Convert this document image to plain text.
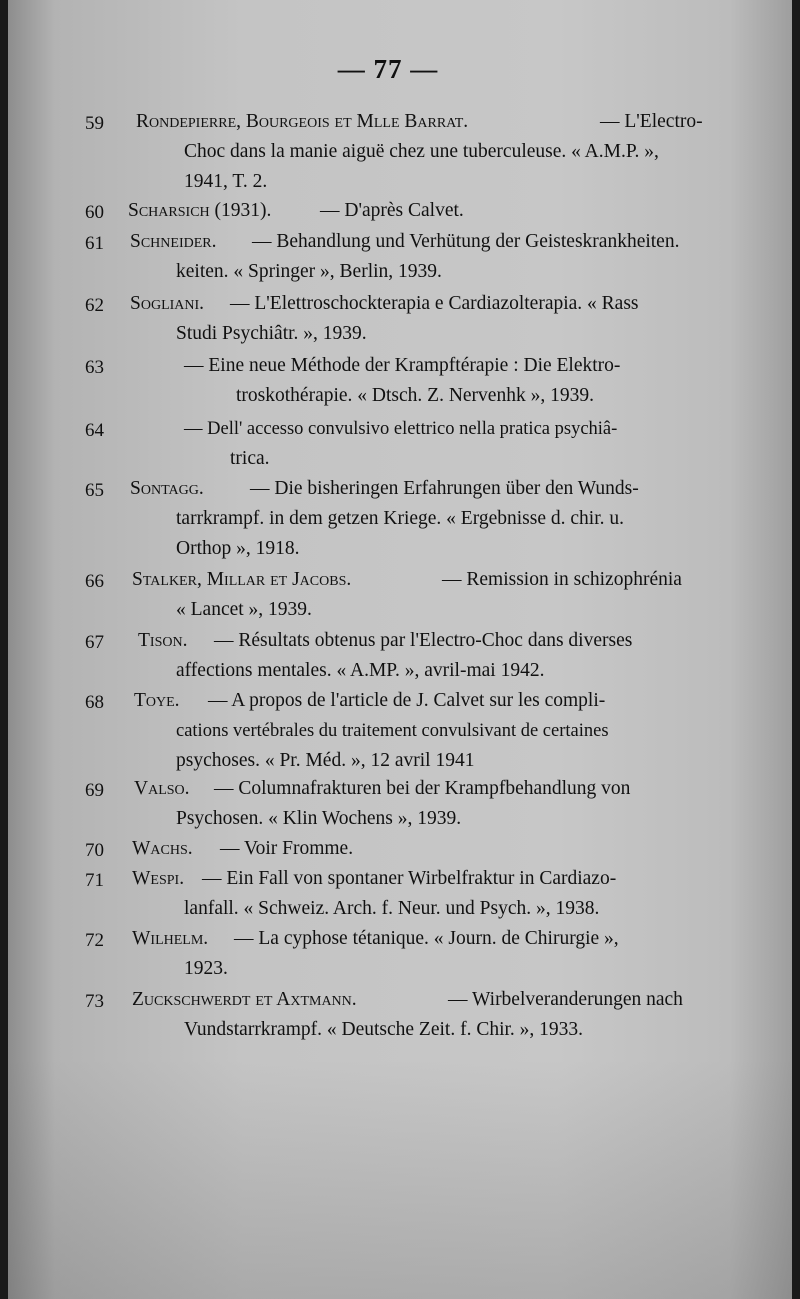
— 77 —
59	Rondepierre, Bourgeois et Mlle Barrat.	— L'Electro-
Choc dans la manie aiguë chez une tuberculeuse. « A.M.P. »,
1941, T. 2.
60	Scharsich (1931). — D'après Calvet.
61	Schneider. — Behandlung und Verhütung der Geisteskrankheiten.
keiten. « Springer », Berlin, 1939.
62	Sogliani. — L'Elettroschockterapia e Cardiazolterapia. « Rass
Studi Psychiâtr. », 1939.
63	— Eine neue Méthode der Krampftérapie : Die Elektro-
troskothérapie. « Dtsch. Z. Nervenhk », 1939.
64	— Dell' accesso convulsivo elettrico nella pratica psychiâ-
trica.
65	Sontagg. — Die bisheringen Erfahrungen über den Wunds-
tarrkrampf. in dem getzen Kriege. « Ergebnisse d. chir. u.
Orthop », 1918.
66	Stalker, Millar et Jacobs.	— Remission in schizophrénia
« Lancet », 1939.
67	Tison. — Résultats obtenus par l'Electro-Choc dans diverses
affections mentales. « A.MP. », avril-mai 1942.
68	Toye. — A propos de l'article de J. Calvet sur les compli-
cations vertébrales du traitement convulsivant de certaines
psychoses. « Pr. Méd. », 12 avril 1941
69	Valso. — Columnafrakturen bei der Krampfbehandlung von
Psychosen. « Klin Wochens », 1939.
70	Wachs. — Voir Fromme.
71	Wespi. — Ein Fall von spontaner Wirbelfraktur in Cardiazo-
lanfall. « Schweiz. Arch. f. Neur. und Psych. », 1938.
72	Wilhelm. — La cyphose tétanique. « Journ. de Chirurgie »,
1923.
73	Zuckschwerdt et Axtmann.	— Wirbelveranderungen nach
Vundstarrkrampf. « Deutsche Zeit. f. Chir. », 1933.
